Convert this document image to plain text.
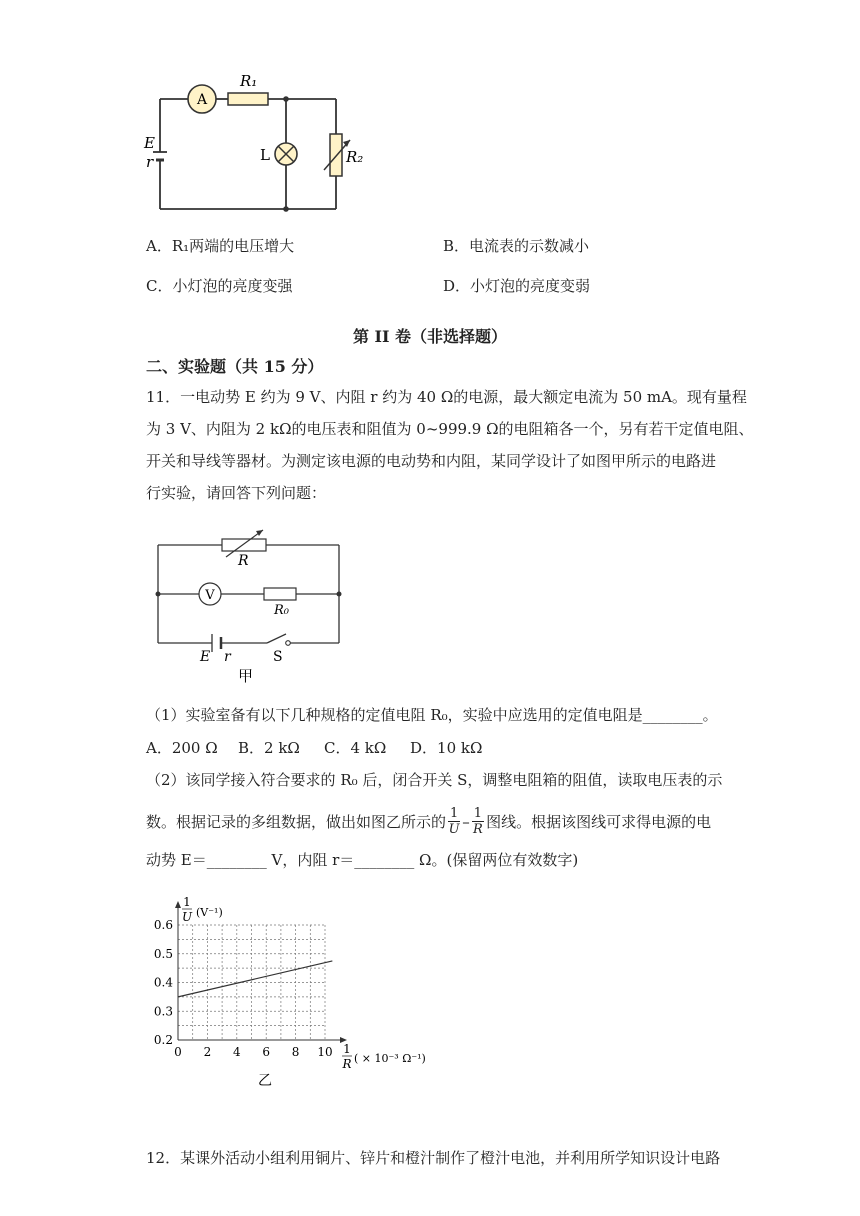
A
R₁
L	R₂
E
r
A．R₁两端的电压增大	B．电流表的示数减小
C．小灯泡的亮度变强	D．小灯泡的亮度变弱
第 II 卷（非选择题）
二、实验题（共 15 分）
11．一电动势 E 约为 9 V、内阻 r 约为 40 Ω的电源，最大额定电流为 50 mA。现有量程
为 3 V、内阻为 2 kΩ的电压表和阻值为 0~999.9 Ω的电阻箱各一个，另有若干定值电阻、
开关和导线等器材。为测定该电源的电动势和内阻，某同学设计了如图甲所示的电路进
行实验，请回答下列问题：
R
V
R₀
E r	S
甲
（1）实验室备有以下几种规格的定值电阻 R₀，实验中应选用的定值电阻是________。
A．200 Ω B．2 kΩ C．4 kΩ D．10 kΩ
（2）该同学接入符合要求的 R₀ 后，闭合开关 S，调整电阻箱的阻值，读取电压表的示
数。根据记录的多组数据，做出如图乙所示的 $\frac{1}{U} - \frac{1}{R}$ 图线。根据该图线可求得电源的电
动势 E＝________ V，内阻 r＝________ Ω。(保留两位有效数字)
0 2 4 6 8 10
0.2
0.3
0.4
0.5
0.6
1
U (V⁻¹)
1
R ( × 10⁻³ Ω⁻¹)
乙
12．某课外活动小组利用铜片、锌片和橙汁制作了橙汁电池，并利用所学知识设计电路
